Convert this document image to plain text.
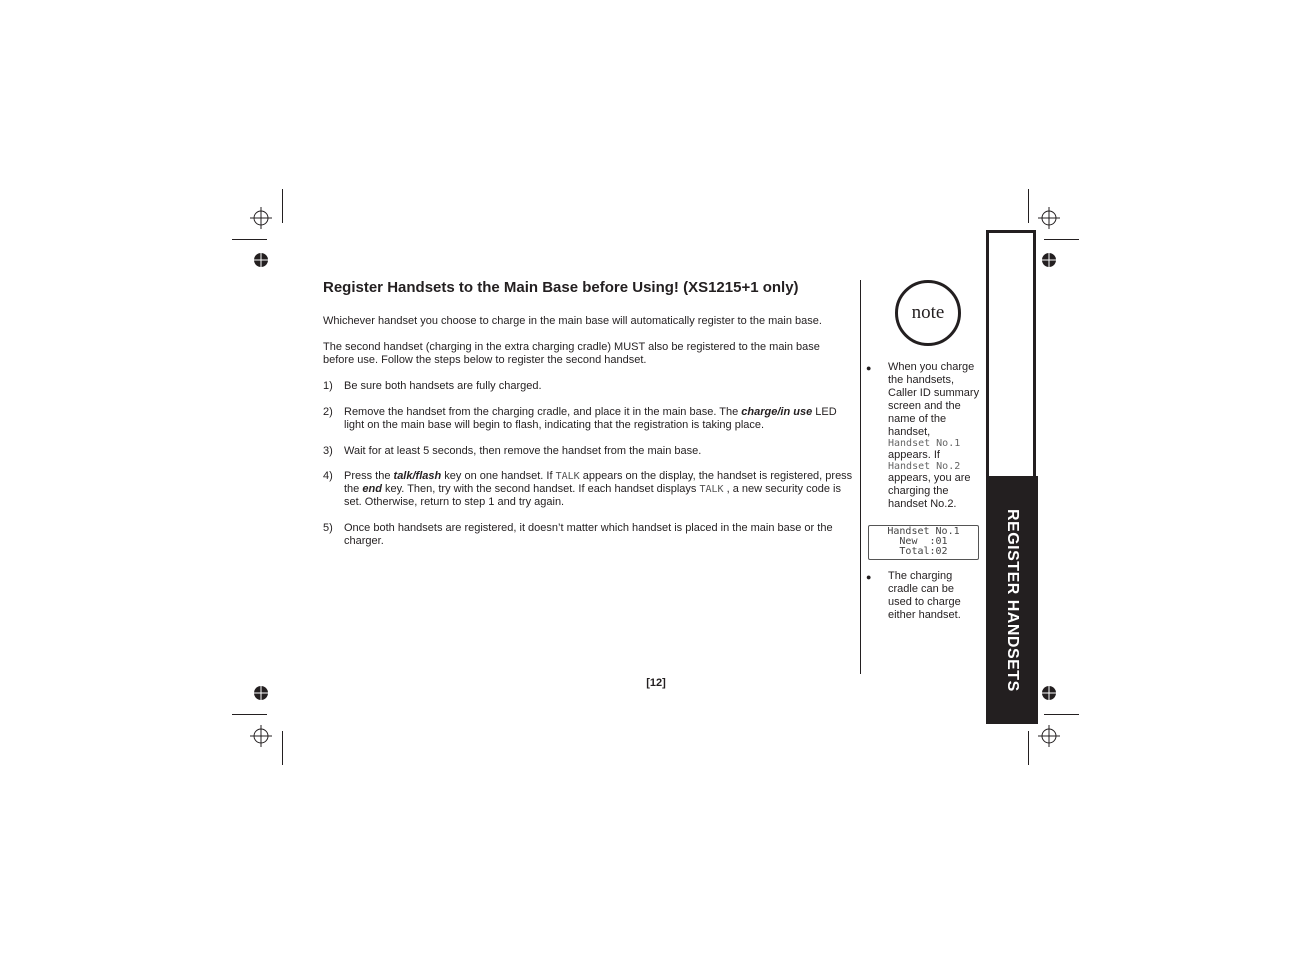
Register Handsets to the Main Base before Using! (XS1215+1 only)
Whichever handset you choose to charge in the main base will automatically register to the main base.
The second handset (charging in the extra charging cradle) MUST also be registered to the main base before use. Follow the steps below to register the second handset.
1) Be sure both handsets are fully charged.
2) Remove the handset from the charging cradle, and place it in the main base. The charge/in use LED light on the main base will begin to flash, indicating that the registration is taking place.
3) Wait for at least 5 seconds, then remove the handset from the main base.
4) Press the talk/flash key on one handset. If TALK appears on the display, the handset is registered, press the end key. Then, try with the second handset. If each handset displays TALK , a new security code is set. Otherwise, return to step 1 and try again.
5) Once both handsets are registered, it doesn’t matter which handset is placed in the main base or the charger.
[12]
note
● When you charge the handsets, Caller ID summary screen and the name of the handset,
Handset No.1
appears. If
Handset No.2
appears, you are charging the handset No.2.
Handset No.1
New  :01
Total:02
● The charging cradle can be used to charge either handset.	REGISTER HANDSETS
